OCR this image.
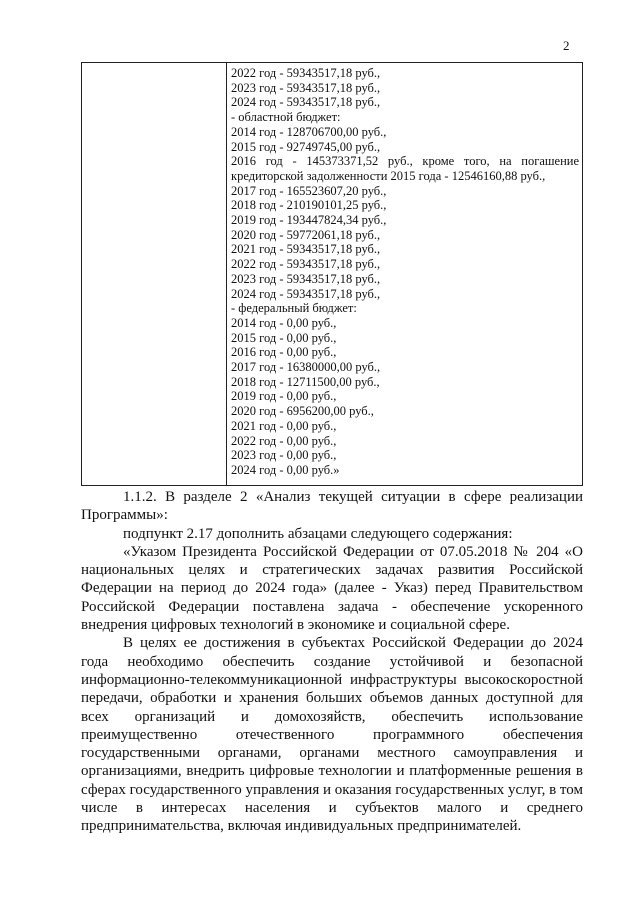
2
2022 год - 59343517,18 руб.,
2023 год - 59343517,18 руб.,
2024 год - 59343517,18 руб.,
- областной бюджет:
2014 год - 128706700,00 руб.,
2015 год - 92749745,00 руб.,
2016 год - 145373371,52 руб., кроме того, на погашение
кредиторской задолженности 2015 года - 12546160,88 руб.,
2017 год - 165523607,20 руб.,
2018 год - 210190101,25 руб.,
2019 год - 193447824,34 руб.,
2020 год - 59772061,18 руб.,
2021 год - 59343517,18 руб.,
2022 год - 59343517,18 руб.,
2023 год - 59343517,18 руб.,
2024 год - 59343517,18 руб.,
- федеральный бюджет:
2014 год - 0,00 руб.,
2015 год - 0,00 руб.,
2016 год - 0,00 руб.,
2017 год - 16380000,00 руб.,
2018 год - 12711500,00 руб.,
2019 год - 0,00 руб.,
2020 год - 6956200,00 руб.,
2021 год - 0,00 руб.,
2022 год - 0,00 руб.,
2023 год - 0,00 руб.,
2024 год - 0,00 руб.»

1.1.2. В разделе 2 «Анализ текущей ситуации в сфере реализации Программы»:

подпункт 2.17 дополнить абзацами следующего содержания:

«Указом Президента Российской Федерации от 07.05.2018 № 204 «О национальных целях и стратегических задачах развития Российской Федерации на период до 2024 года» (далее - Указ) перед Правительством Российской Федерации поставлена задача - обеспечение ускоренного внедрения цифровых технологий в экономике и социальной сфере.

В целях ее достижения в субъектах Российской Федерации до 2024 года необходимо обеспечить создание устойчивой и безопасной информационно-телекоммуникационной инфраструктуры высокоскоростной передачи, обработки и хранения больших объемов данных доступной для всех организаций и домохозяйств, обеспечить использование преимущественно отечественного программного обеспечения государственными органами, органами местного самоуправления и организациями, внедрить цифровые технологии и платформенные решения в сферах государственного управления и оказания государственных услуг, в том числе в интересах населения и субъектов малого и среднего предпринимательства, включая индивидуальных предпринимателей.
